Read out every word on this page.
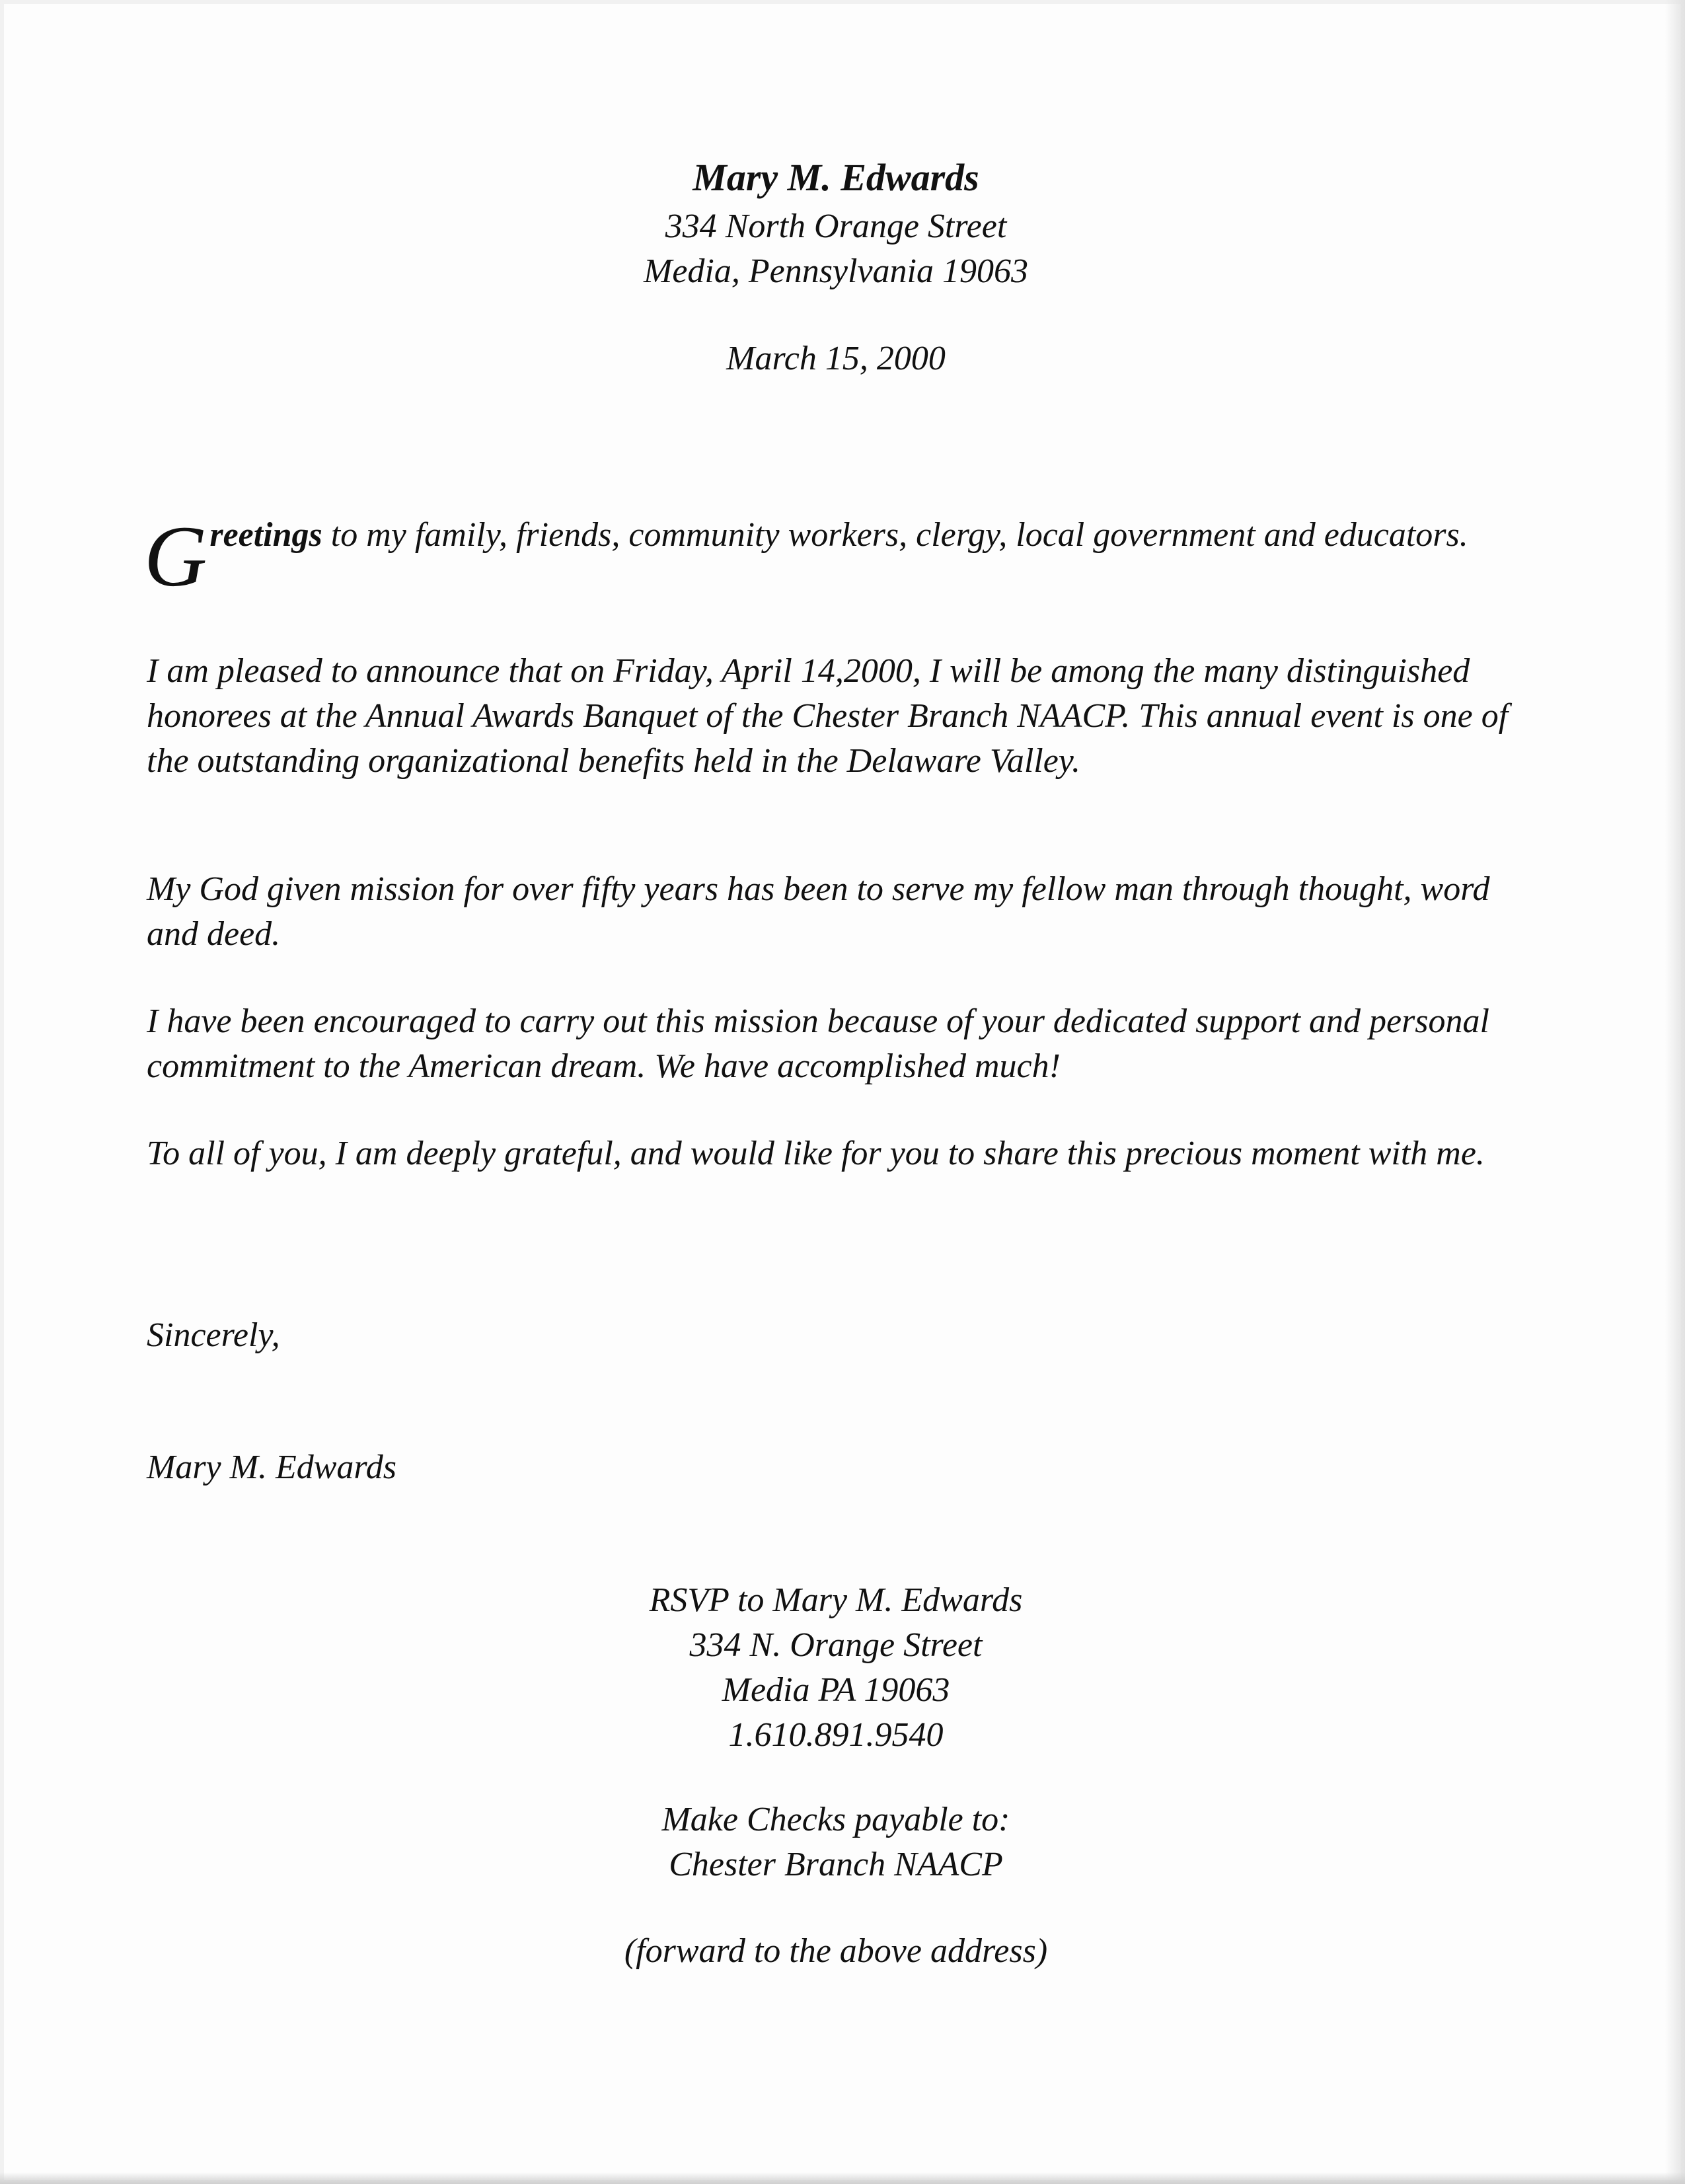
Mary M. Edwards
334 North Orange Street
Media, Pennsylvania 19063
March 15, 2000

Greetings to my family, friends, community workers, clergy, local government and educators.

I am pleased to announce that on Friday, April 14,2000, I will be among the many distinguished honorees at the Annual Awards Banquet of the Chester Branch NAACP. This annual event is one of the outstanding organizational benefits held in the Delaware Valley.

My God given mission for over fifty years has been to serve my fellow man through thought, word and deed.

I have been encouraged to carry out this mission because of your dedicated support and personal commitment to the American dream. We have accomplished much!

To all of you, I am deeply grateful, and would like for you to share this precious moment with me.

Sincerely,
Mary M. Edwards
RSVP to Mary M. Edwards
334 N. Orange Street
Media PA 19063
1.610.891.9540
Make Checks payable to:
Chester Branch NAACP
(forward to the above address)
